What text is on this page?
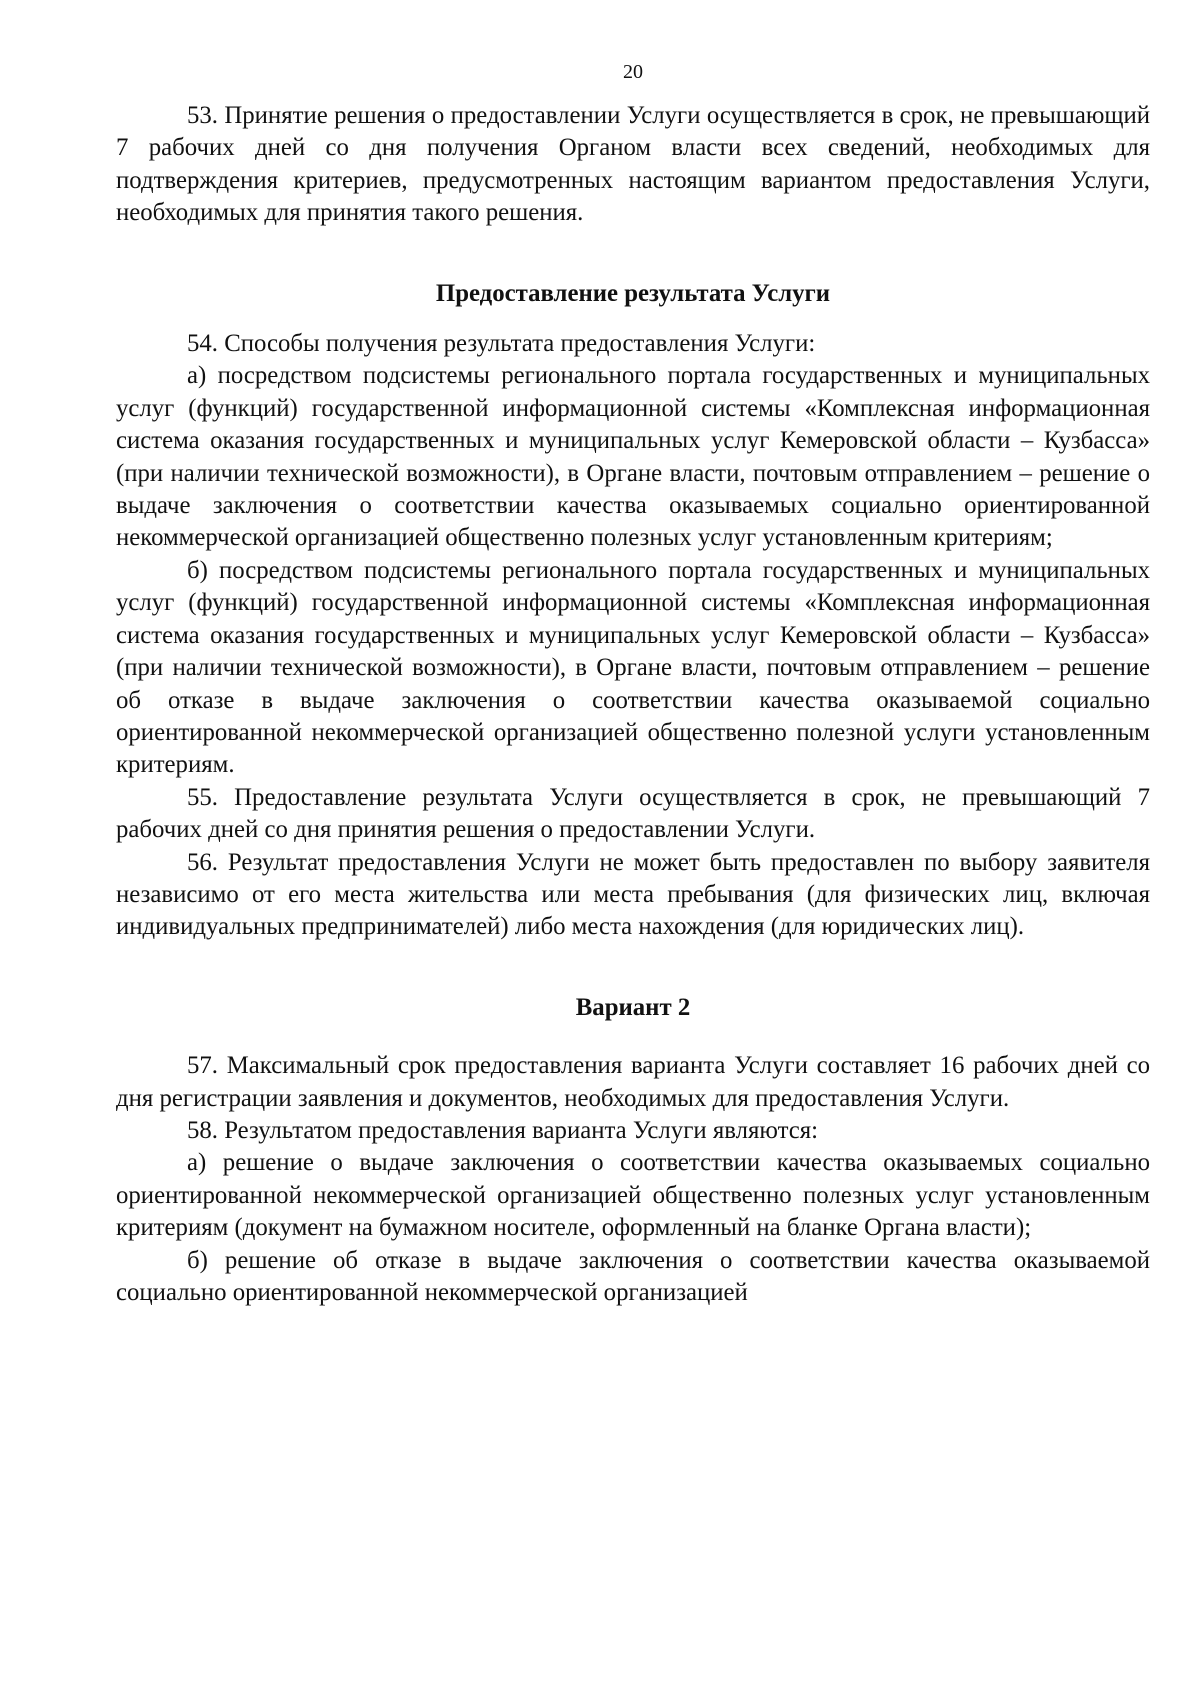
20

53. Принятие решения о предоставлении Услуги осуществляется в срок, не превышающий 7 рабочих дней со дня получения Органом власти всех сведений, необходимых для подтверждения критериев, предусмотренных настоящим вариантом предоставления Услуги, необходимых для принятия такого решения.

Предоставление результата Услуги

54. Способы получения результата предоставления Услуги:

а) посредством подсистемы регионального портала государственных и муниципальных услуг (функций) государственной информационной системы «Комплексная информационная система оказания государственных и муниципальных услуг Кемеровской области – Кузбасса» (при наличии технической возможности), в Органе власти, почтовым отправлением – решение о выдаче заключения о соответствии качества оказываемых социально ориентированной некоммерческой организацией общественно полезных услуг установленным критериям;

б) посредством подсистемы регионального портала государственных и муниципальных услуг (функций) государственной информационной системы «Комплексная информационная система оказания государственных и муниципальных услуг Кемеровской области – Кузбасса» (при наличии технической возможности), в Органе власти, почтовым отправлением – решение об отказе в выдаче заключения о соответствии качества оказываемой социально ориентированной некоммерческой организацией общественно полезной услуги установленным критериям.

55. Предоставление результата Услуги осуществляется в срок, не превышающий 7 рабочих дней со дня принятия решения о предоставлении Услуги.

56. Результат предоставления Услуги не может быть предоставлен по выбору заявителя независимо от его места жительства или места пребывания (для физических лиц, включая индивидуальных предпринимателей) либо места нахождения (для юридических лиц).

Вариант 2

57. Максимальный срок предоставления варианта Услуги составляет 16 рабочих дней со дня регистрации заявления и документов, необходимых для предоставления Услуги.

58. Результатом предоставления варианта Услуги являются:

а) решение о выдаче заключения о соответствии качества оказываемых социально ориентированной некоммерческой организацией общественно полезных услуг установленным критериям (документ на бумажном носителе, оформленный на бланке Органа власти);

б) решение об отказе в выдаче заключения о соответствии качества оказываемой социально ориентированной некоммерческой организацией
